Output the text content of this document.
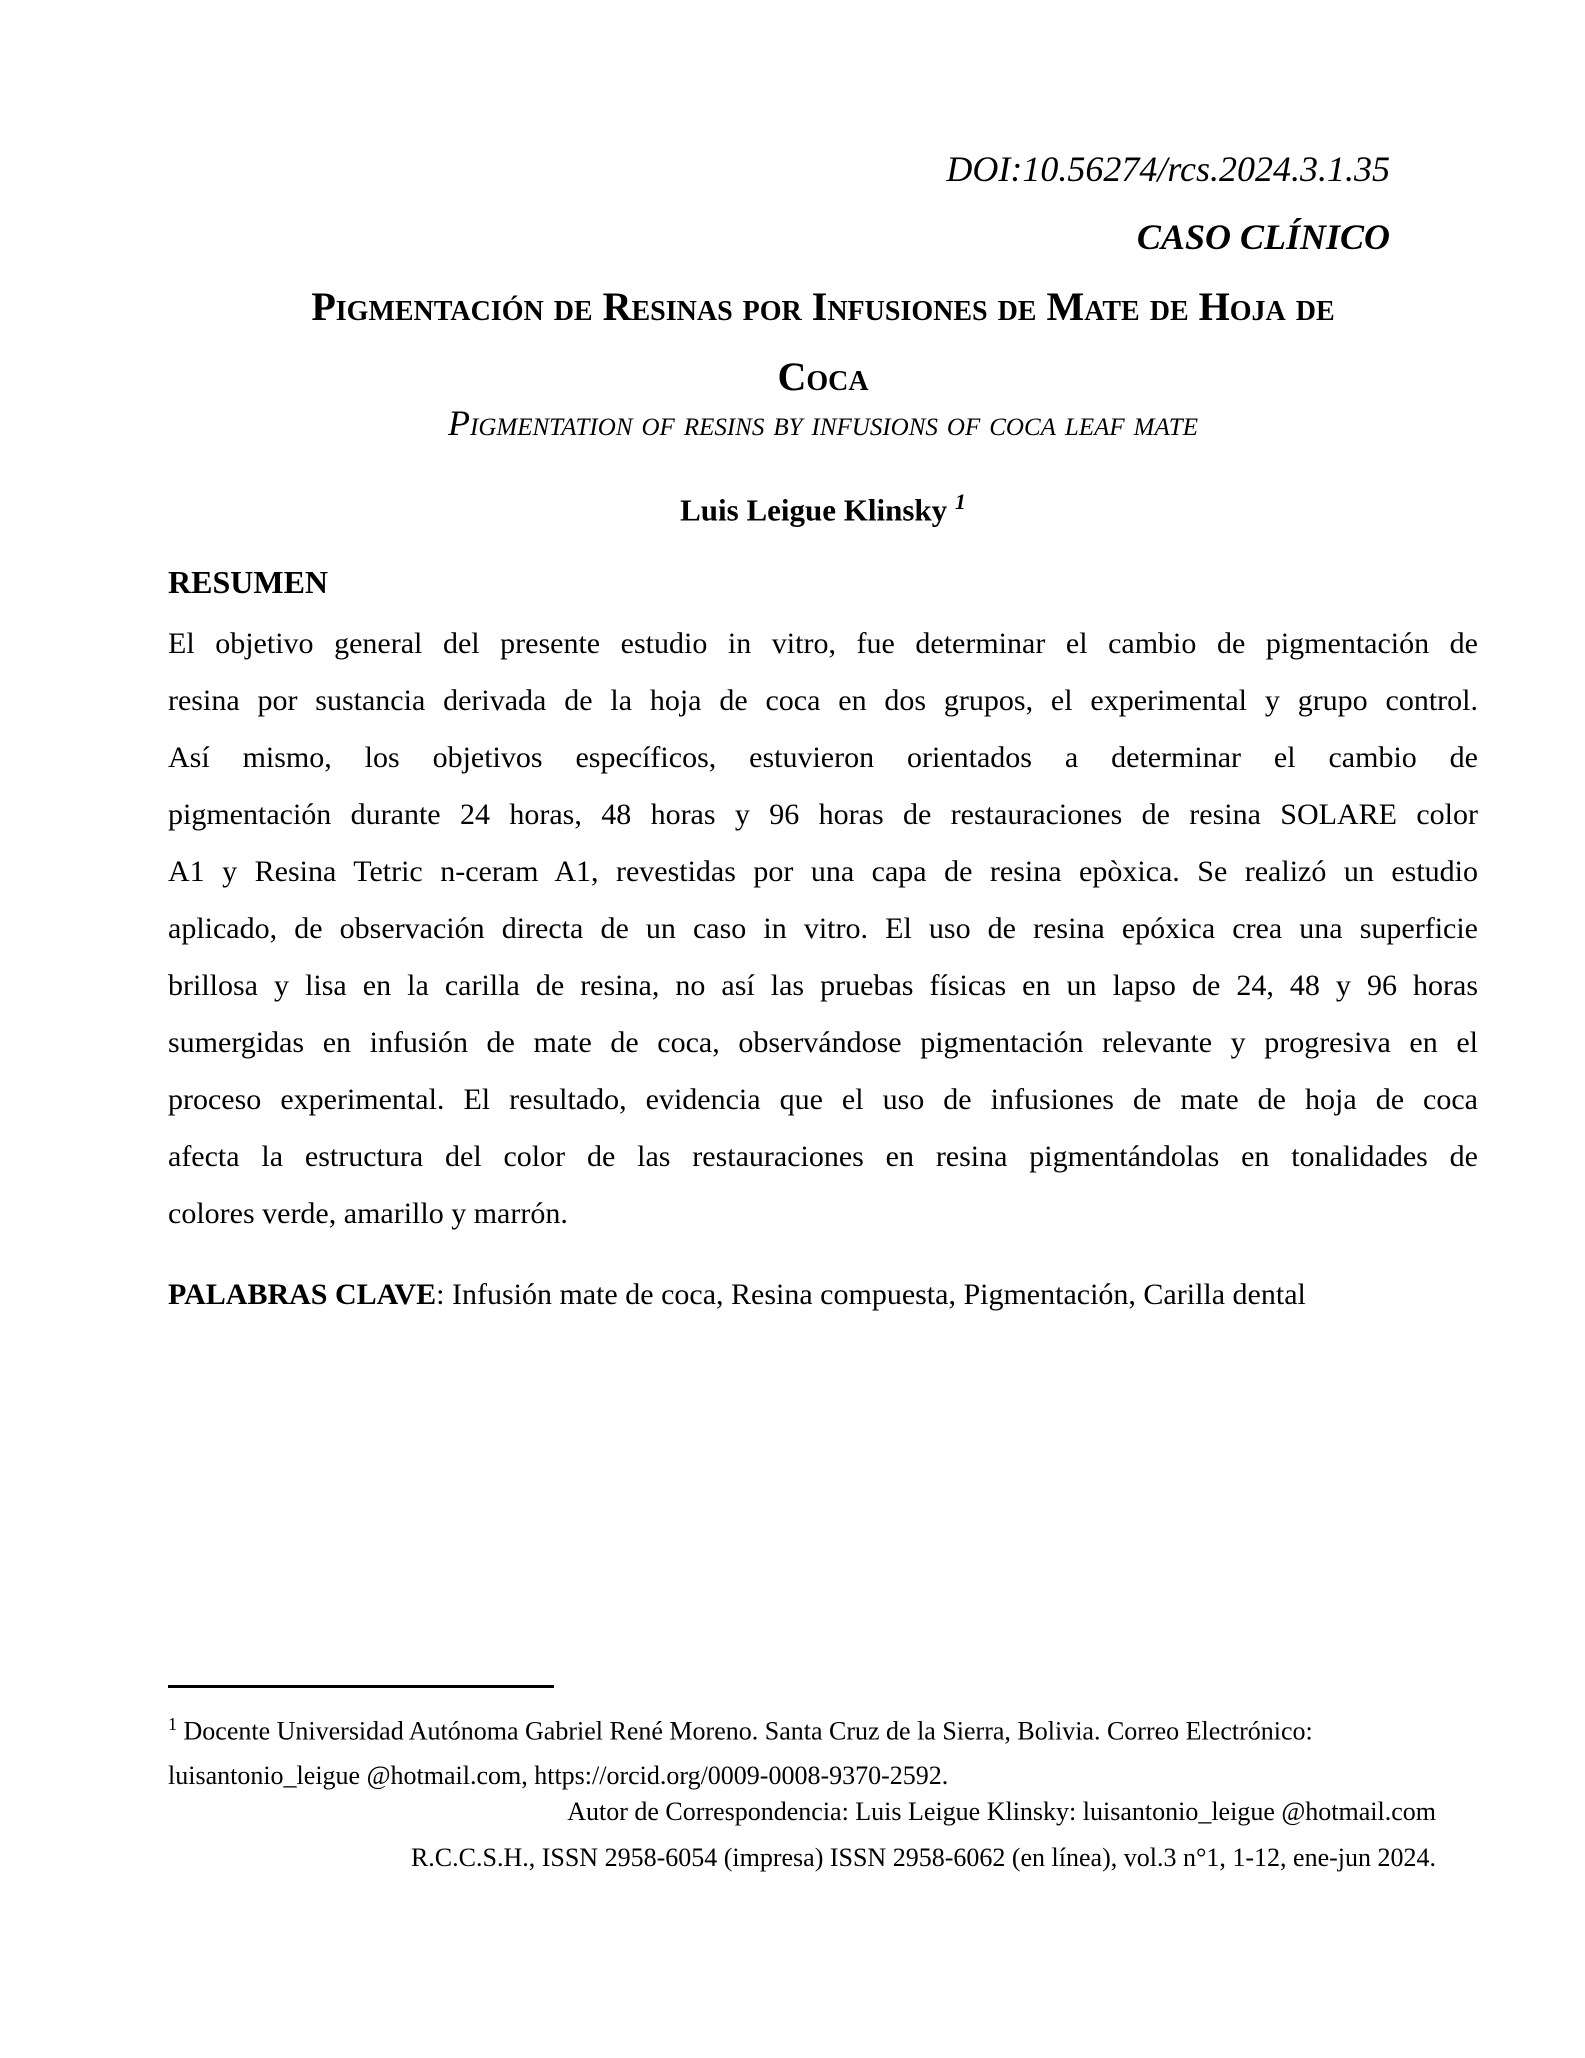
DOI:10.56274/rcs.2024.3.1.35
CASO CLÍNICO
Pigmentación de Resinas por Infusiones de Mate de Hoja de
Coca
Pigmentation of resins by infusions of coca leaf mate
Luis Leigue Klinsky $^1$
RESUMEN
El objetivo general del presente estudio in vitro, fue determinar el cambio de pigmentación de
resina por sustancia derivada de la hoja de coca en dos grupos, el experimental y grupo control.
Así mismo, los objetivos específicos, estuvieron orientados a determinar el cambio de
pigmentación durante 24 horas, 48 horas y 96 horas de restauraciones de resina SOLARE color
A1 y Resina Tetric n-ceram A1, revestidas por una capa de resina epòxica. Se realizó un estudio
aplicado, de observación directa de un caso in vitro. El uso de resina epóxica crea una superficie
brillosa y lisa en la carilla de resina, no así las pruebas físicas en un lapso de 24, 48 y 96 horas
sumergidas en infusión de mate de coca, observándose pigmentación relevante y progresiva en el
proceso experimental. El resultado, evidencia que el uso de infusiones de mate de hoja de coca
afecta la estructura del color de las restauraciones en resina pigmentándolas en tonalidades de
colores verde, amarillo y marrón.
PALABRAS CLAVE: Infusión mate de coca, Resina compuesta, Pigmentación, Carilla dental
$^1$ Docente Universidad Autónoma Gabriel René Moreno. Santa Cruz de la Sierra, Bolivia. Correo Electrónico: luisantonio_leigue @hotmail.com, https://orcid.org/0009-0008-9370-2592.
Autor de Correspondencia: Luis Leigue Klinsky: luisantonio_leigue @hotmail.com
R.C.C.S.H., ISSN 2958-6054 (impresa) ISSN 2958-6062 (en línea), vol.3 n°1, 1-12, ene-jun 2024.
